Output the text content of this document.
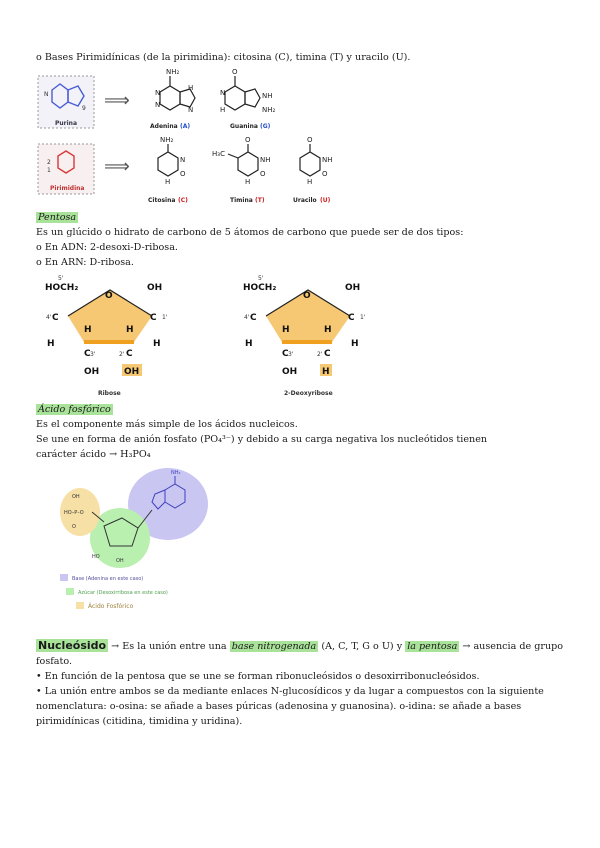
o Bases Pirimidínicas (de la pirimidina): citosina (C), timina (T) y uracilo (U).
N
9
Purina
⟹
NH₂
N
N
N
H
Adenina (A)
O
NH
NH₂
N
H
Guanina (G)
2
1
Pirimidina
⟹
NH₂
N
O
H
Citosina (C)
H₃C
O
NH
O
H
Timina (T)
O
NH
O
H
Uracilo (U)
Pentosa
Es un glúcido o hidrato de carbono de 5 átomos de carbono que puede ser de dos tipos:
o En ADN: 2-desoxi-D-ribosa.
o En ARN: D-ribosa.
HOCH₂
5'
O
OH
C
4'	C 1'
H	H
H	H
C	C
3'	2'
OH	OH
Ribose
HOCH₂
5'
O
OH
C
4'	C 1'
H	H
H	H
C	C
3'	2'
OH	H
2-Deoxyribose
Ácido fosfórico
Es el componente más simple de los ácidos nucleicos.
Se une en forma de anión fosfato (PO₄³⁻) y debido a su carga negativa los nucleótidos tienen
carácter ácido → H₃PO₄
NH₂
HO
OH
OH
HO–P–O
O
Base (Adenina en este caso)
Azúcar (Desoxirribosa en este caso)
Ácido Fosfórico
Nucleósido → Es la unión entre una base nitrogenada (A, C, T, G o U) y la pentosa → ausencia de grupo
fosfato.
• En función de la pentosa que se une se forman ribonucleósidos o desoxirribonucleósidos.
• La unión entre ambos se da mediante enlaces N-glucosídicos y da lugar a compuestos con la siguiente
nomenclatura: o-osina: se añade a bases púricas (adenosina y guanosina). o-idina: se añade a bases
pirimidínicas (citidina, timidina y uridina).
